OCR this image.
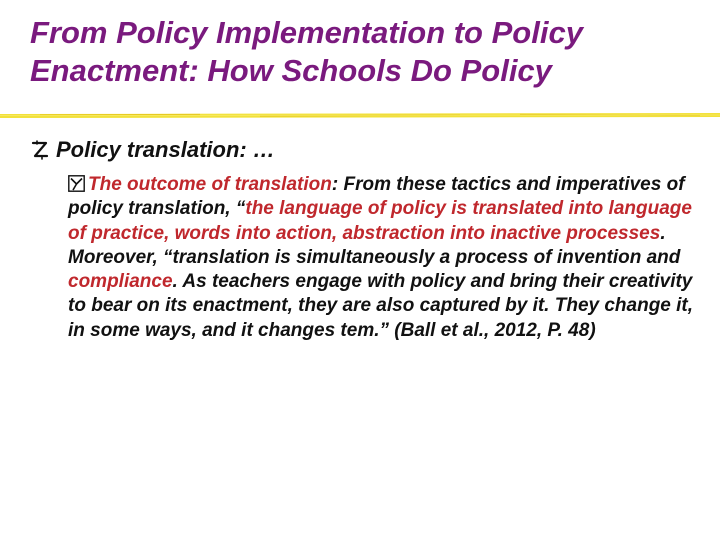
From Policy Implementation to Policy
Enactment: How Schools Do Policy
Policy translation: …
The outcome of translation: From these tactics and imperatives of policy translation, “the language of policy is translated into language of practice, words into action, abstraction into inactive processes. Moreover, “translation is simultaneously a process of invention and compliance. As teachers engage with policy and bring their creativity to bear on its enactment, they are also captured by it. They change it, in some ways, and it changes tem.” (Ball et al., 2012, P. 48)
